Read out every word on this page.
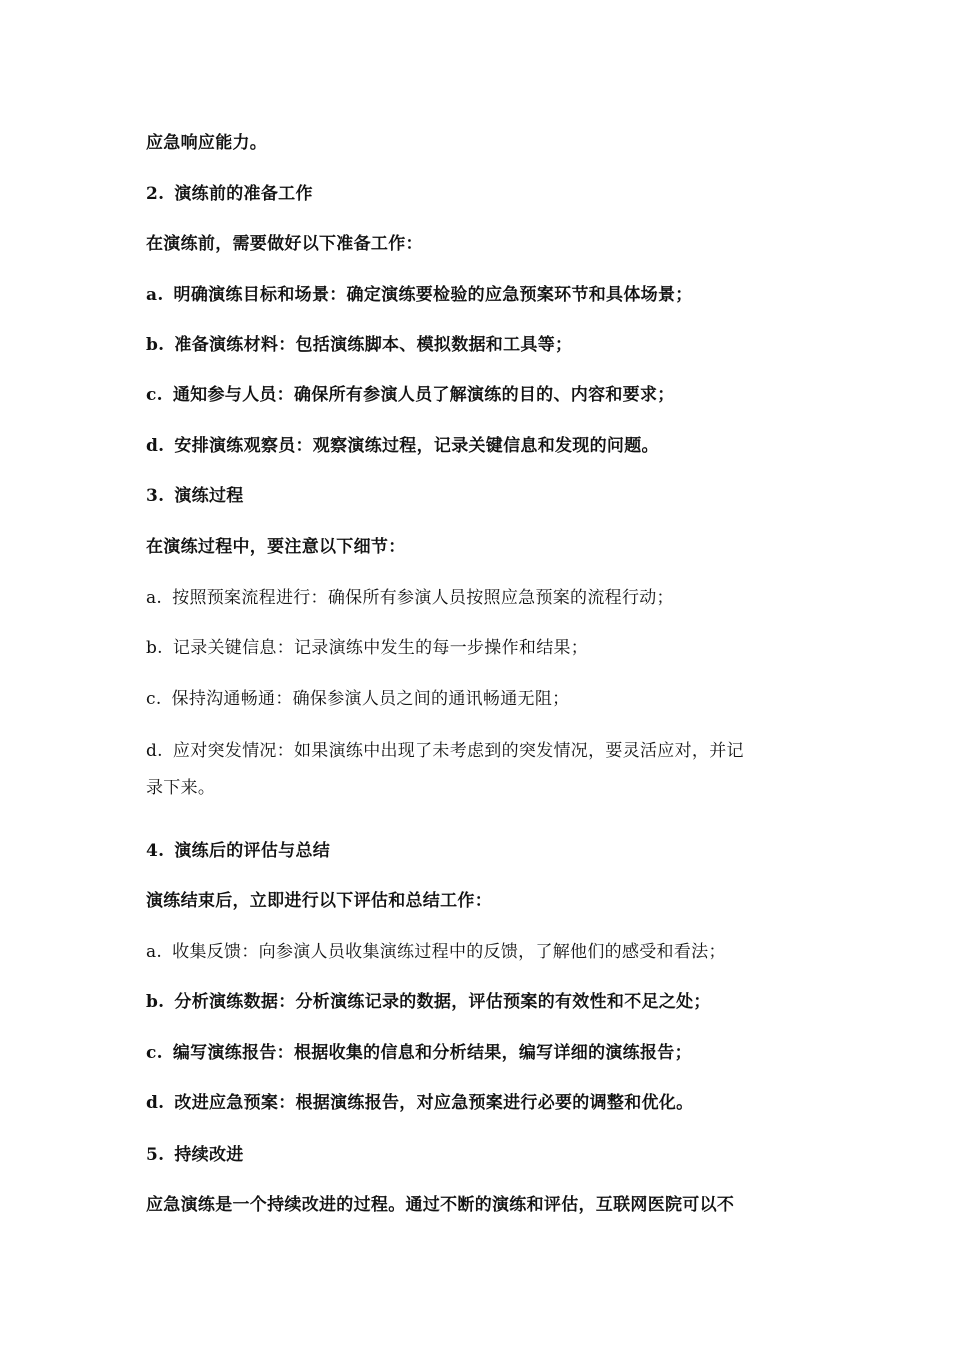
应急响应能力。
2. 演练前的准备工作
在演练前，需要做好以下准备工作：
a. 明确演练目标和场景：确定演练要检验的应急预案环节和具体场景；
b. 准备演练材料：包括演练脚本、模拟数据和工具等；
c. 通知参与人员：确保所有参演人员了解演练的目的、内容和要求；
d. 安排演练观察员：观察演练过程，记录关键信息和发现的问题。
3. 演练过程
在演练过程中，要注意以下细节：
a. 按照预案流程进行：确保所有参演人员按照应急预案的流程行动；
b. 记录关键信息：记录演练中发生的每一步操作和结果；
c. 保持沟通畅通：确保参演人员之间的通讯畅通无阻；
d. 应对突发情况：如果演练中出现了未考虑到的突发情况，要灵活应对，并记
录下来。
4. 演练后的评估与总结
演练结束后，立即进行以下评估和总结工作：
a. 收集反馈：向参演人员收集演练过程中的反馈，了解他们的感受和看法；
b. 分析演练数据：分析演练记录的数据，评估预案的有效性和不足之处；
c. 编写演练报告：根据收集的信息和分析结果，编写详细的演练报告；
d. 改进应急预案：根据演练报告，对应急预案进行必要的调整和优化。
5. 持续改进
应急演练是一个持续改进的过程。通过不断的演练和评估，互联网医院可以不
